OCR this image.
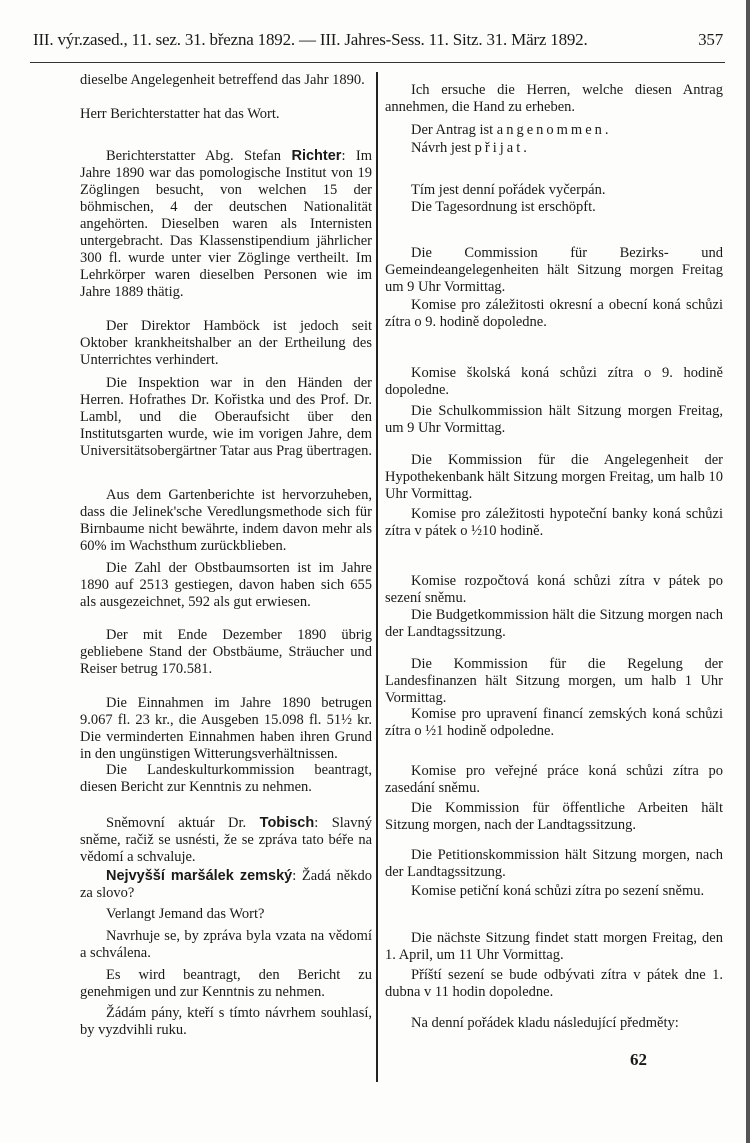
III. výr.zased., 11. sez. 31. března 1892. — III. Jahres-Sess. 11. Sitz. 31. März 1892.	357
dieselbe Angelegenheit betreffend das Jahr 1890.
Herr Berichterstatter hat das Wort.
Berichterstatter Abg. Stefan Richter: Im Jahre 1890 war das pomologische Institut von 19 Zöglingen besucht, von welchen 15 der böhmischen, 4 der deutschen Nationalität angehörten. Dieselben waren als Internisten untergebracht. Das Klassenstipendium jährlicher 300 fl. wurde unter vier Zöglinge vertheilt. Im Lehrkörper waren dieselben Personen wie im Jahre 1889 thätig.
Der Direktor Hamböck ist jedoch seit Oktober krankheitshalber an der Ertheilung des Unterrichtes verhindert.
Die Inspektion war in den Händen der Herren. Hofrathes Dr. Kořistka und des Prof. Dr. Lambl, und die Oberaufsicht über den Institutsgarten wurde, wie im vorigen Jahre, dem Universitätsobergärtner Tatar aus Prag übertragen.
Aus dem Gartenberichte ist hervorzuheben, dass die Jelinek'sche Veredlungsmethode sich für Birnbaume nicht bewährte, indem davon mehr als 60% im Wachsthum zurückblieben.
Die Zahl der Obstbaumsorten ist im Jahre 1890 auf 2513 gestiegen, davon haben sich 655 als ausgezeichnet, 592 als gut erwiesen.
Der mit Ende Dezember 1890 übrig gebliebene Stand der Obstbäume, Sträucher und Reiser betrug 170.581.
Die Einnahmen im Jahre 1890 betrugen 9.067 fl. 23 kr., die Ausgeben 15.098 fl. 51½ kr. Die verminderten Einnahmen haben ihren Grund in den ungünstigen Witterungsverhältnissen.
Die Landeskulturkommission beantragt, diesen Bericht zur Kenntnis zu nehmen.
Sněmovní aktuár Dr. Tobisch: Slavný sněme, račiž se usnésti, že se zpráva tato béře na vědomí a schvaluje.
Nejvyšší maršálek zemský: Žadá někdo za slovo?
Verlangt Jemand das Wort?
Navrhuje se, by zpráva byla vzata na vědomí a schválena.
Es wird beantragt, den Bericht zu genehmigen und zur Kenntnis zu nehmen.
Žádám pány, kteří s tímto návrhem souhlasí, by vyzdvihli ruku.
Ich ersuche die Herren, welche diesen Antrag annehmen, die Hand zu erheben.
Der Antrag ist angenommen.
Návrh jest přijat.
Tím jest denní pořádek vyčerpán.
Die Tagesordnung ist erschöpft.
Die Commission für Bezirks- und Gemeindeangelegenheiten hält Sitzung morgen Freitag um 9 Uhr Vormittag.
Komise pro záležitosti okresní a obecní koná schůzi zítra o 9. hodině dopoledne.
Komise školská koná schůzi zítra o 9. hodině dopoledne.
Die Schulkommission hält Sitzung morgen Freitag, um 9 Uhr Vormittag.
Die Kommission für die Angelegenheit der Hypothekenbank hält Sitzung morgen Freitag, um halb 10 Uhr Vormittag.
Komise pro záležitosti hypoteční banky koná schůzi zítra v pátek o ½10 hodině.
Komise rozpočtová koná schůzi zítra v pátek po sezení sněmu.
Die Budgetkommission hält die Sitzung morgen nach der Landtagssitzung.
Die Kommission für die Regelung der Landesfinanzen hält Sitzung morgen, um halb 1 Uhr Vormittag.
Komise pro upravení financí zemských koná schůzi zítra o ½1 hodině odpoledne.
Komise pro veřejné práce koná schůzi zítra po zasedání sněmu.
Die Kommission für öffentliche Arbeiten hält Sitzung morgen, nach der Landtagssitzung.
Die Petitionskommission hält Sitzung morgen, nach der Landtagssitzung.
Komise petiční koná schůzi zítra po sezení sněmu.
Die nächste Sitzung findet statt morgen Freitag, den 1. April, um 11 Uhr Vormittag.
Příští sezení se bude odbývati zítra v pátek dne 1. dubna v 11 hodin dopoledne.
Na denní pořádek kladu následující předměty:
62
